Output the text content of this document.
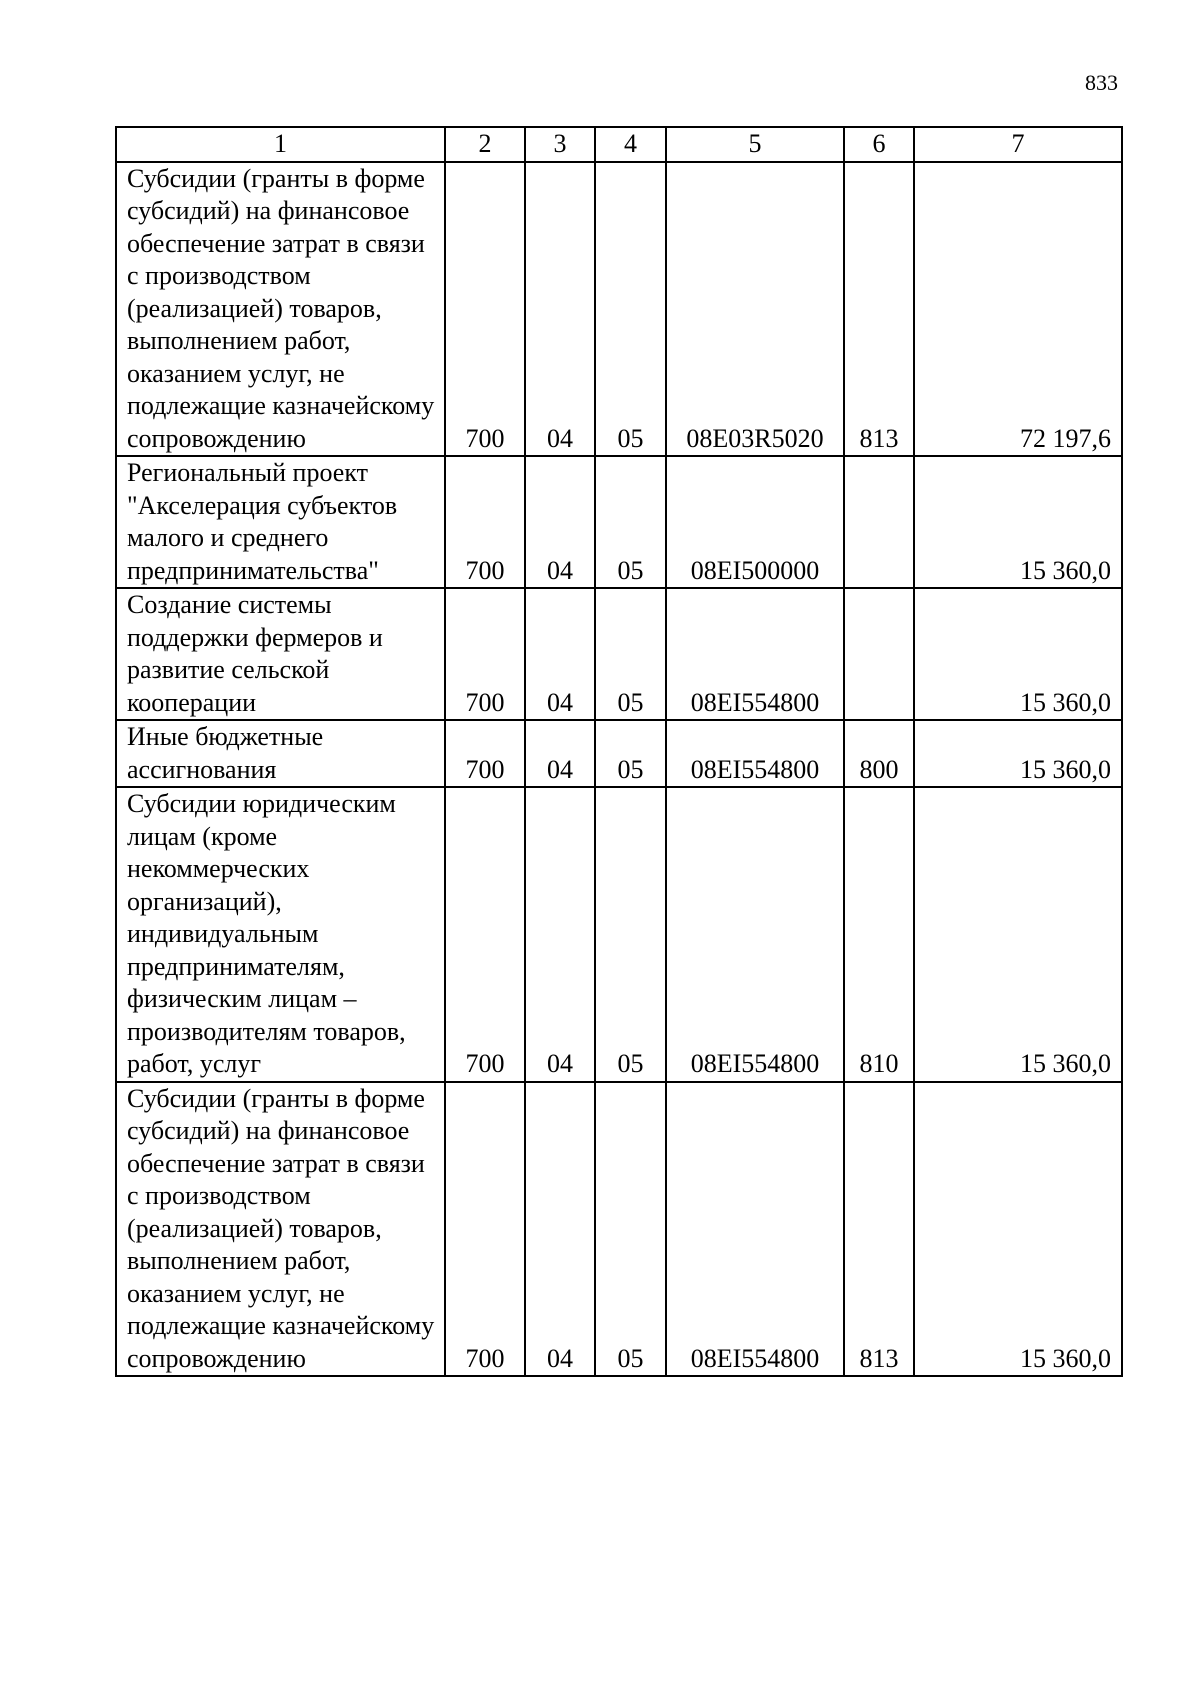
833
1	2	3	4	5	6	7
Субсидии (гранты в форме субсидий) на финансовое обеспечение затрат в связи с производством (реализацией) товаров, выполнением работ, оказанием услуг, не подлежащие казначейскому сопровождению	700	04	05	08Е03R5020	813	72 197,6
Региональный проект "Акселерация субъектов малого и среднего предпринимательства"	700	04	05	08ЕI500000		15 360,0
Создание системы поддержки фермеров и развитие сельской кооперации	700	04	05	08ЕI554800		15 360,0
Иные бюджетные ассигнования	700	04	05	08ЕI554800	800	15 360,0
Субсидии юридическим лицам (кроме некоммерческих организаций), индивидуальным предпринимателям, физическим лицам – производителям товаров, работ, услуг	700	04	05	08ЕI554800	810	15 360,0
Субсидии (гранты в форме субсидий) на финансовое обеспечение затрат в связи с производством (реализацией) товаров, выполнением работ, оказанием услуг, не подлежащие казначейскому сопровождению	700	04	05	08ЕI554800	813	15 360,0
